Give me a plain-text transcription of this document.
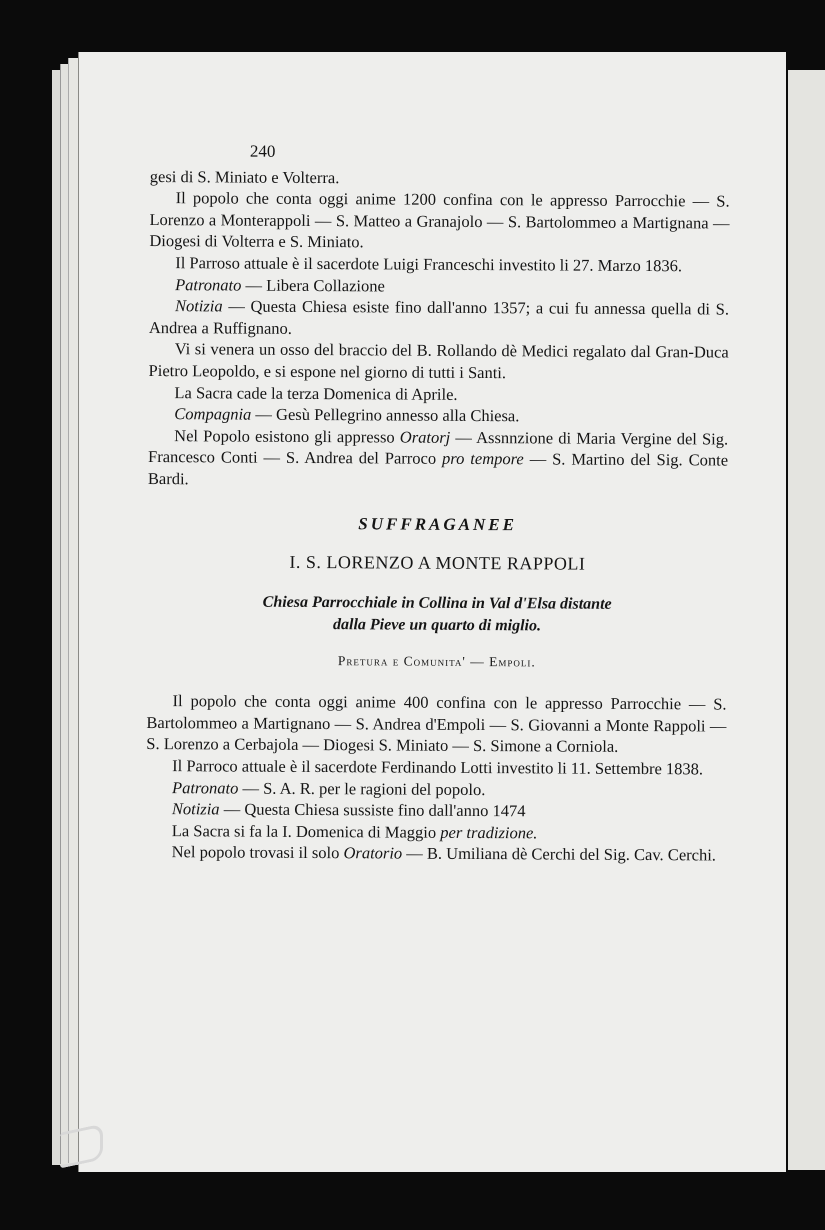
240

gesi di S. Miniato e Volterra.

Il popolo che conta oggi anime 1200 confina con le appresso Parrocchie — S. Lorenzo a Monterappoli — S. Matteo a Granajolo — S. Bartolommeo a Martignana — Diogesi di Volterra e S. Miniato.

Il Parroso attuale è il sacerdote Luigi Franceschi investito li 27. Marzo 1836.

Patronato — Libera Collazione

Notizia — Questa Chiesa esiste fino dall'anno 1357; a cui fu annessa quella di S. Andrea a Ruffignano.

Vi si venera un osso del braccio del B. Rollando dè Medici regalato dal Gran-Duca Pietro Leopoldo, e si espone nel giorno di tutti i Santi.

La Sacra cade la terza Domenica di Aprile.

Compagnia — Gesù Pellegrino annesso alla Chiesa.

Nel Popolo esistono gli appresso Oratorj — Assnnzione di Maria Vergine del Sig. Francesco Conti — S. Andrea del Parroco pro tempore — S. Martino del Sig. Conte Bardi.

SUFFRAGANEE
I. S. LORENZO A MONTE RAPPOLI
Chiesa Parrocchiale in Collina in Val d'Elsa distante
dalla Pieve un quarto di miglio.
Pretura e Comunita' — Empoli.

Il popolo che conta oggi anime 400 confina con le appresso Parrocchie — S. Bartolommeo a Martignano — S. Andrea d'Empoli — S. Giovanni a Monte Rappoli — S. Lorenzo a Cerbajola — Diogesi S. Miniato — S. Simone a Corniola.

Il Parroco attuale è il sacerdote Ferdinando Lotti investito li 11. Settembre 1838.

Patronato — S. A. R. per le ragioni del popolo.

Notizia — Questa Chiesa sussiste fino dall'anno 1474

La Sacra si fa la I. Domenica di Maggio per tradizione.

Nel popolo trovasi il solo Oratorio — B. Umiliana dè Cerchi del Sig. Cav. Cerchi.
